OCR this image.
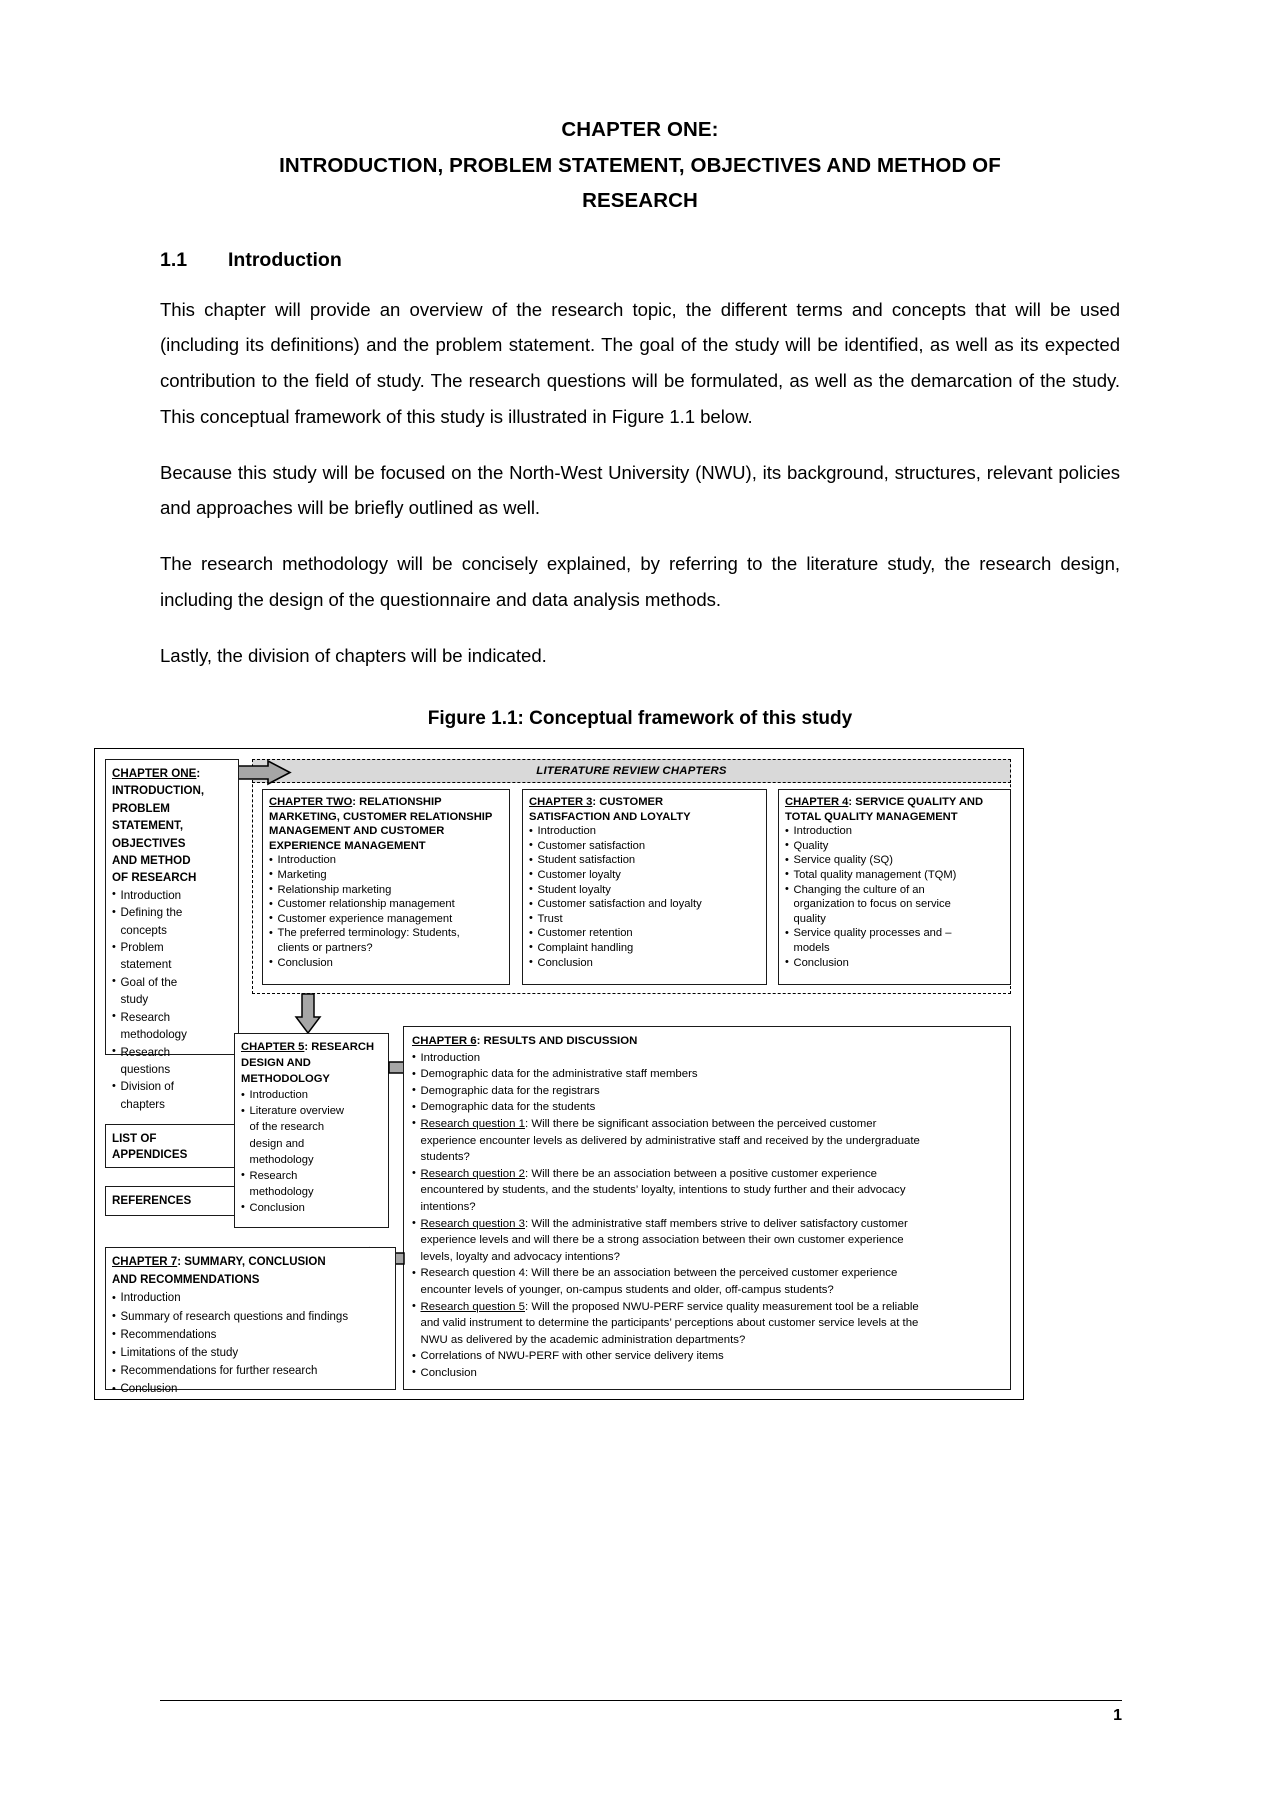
CHAPTER ONE:
INTRODUCTION, PROBLEM STATEMENT, OBJECTIVES AND METHOD OF
RESEARCH
1.1	Introduction

This chapter will provide an overview of the research topic, the different terms and concepts that will be used (including its definitions) and the problem statement. The goal of the study will be identified, as well as its expected contribution to the field of study. The research questions will be formulated, as well as the demarcation of the study. This conceptual framework of this study is illustrated in Figure 1.1 below.

Because this study will be focused on the North-West University (NWU), its background, structures, relevant policies and approaches will be briefly outlined as well.

The research methodology will be concisely explained, by referring to the literature study, the research design, including the design of the questionnaire and data analysis methods.

Lastly, the division of chapters will be indicated.

Figure 1.1: Conceptual framework of this study

LITERATURE REVIEW CHAPTERS
CHAPTER ONE:
INTRODUCTION,
PROBLEM
STATEMENT,
OBJECTIVES
AND METHOD
OF RESEARCH
• Introduction
• Defining the
concepts
• Problem
statement
• Goal of the
study
• Research
methodology
• Research
questions
• Division of
chapters
LIST OF
APPENDICES
REFERENCES
CHAPTER TWO: RELATIONSHIP
MARKETING, CUSTOMER RELATIONSHIP
MANAGEMENT AND CUSTOMER
EXPERIENCE MANAGEMENT
• Introduction
• Marketing
• Relationship marketing
• Customer relationship management
• Customer experience management
• The preferred terminology: Students,
clients or partners?
• Conclusion
CHAPTER 3: CUSTOMER
SATISFACTION AND LOYALTY
• Introduction
• Customer satisfaction
• Student satisfaction
• Customer loyalty
• Student loyalty
• Customer satisfaction and loyalty
• Trust
• Customer retention
• Complaint handling
• Conclusion
CHAPTER 4: SERVICE QUALITY AND
TOTAL QUALITY MANAGEMENT
• Introduction
• Quality
• Service quality (SQ)
• Total quality management (TQM)
• Changing the culture of an
organization to focus on service
quality
• Service quality processes and –
models
• Conclusion
CHAPTER 5: RESEARCH
DESIGN AND
METHODOLOGY
• Introduction
• Literature overview
of the research
design and
methodology
• Research
methodology
• Conclusion
CHAPTER 6: RESULTS AND DISCUSSION
• Introduction
• Demographic data for the administrative staff members
• Demographic data for the registrars
• Demographic data for the students
• Research question 1: Will there be significant association between the perceived customer
experience encounter levels as delivered by administrative staff and received by the undergraduate
students?
• Research question 2: Will there be an association between a positive customer experience
encountered by students, and the students’ loyalty, intentions to study further and their advocacy
intentions?
• Research question 3: Will the administrative staff members strive to deliver satisfactory customer
experience levels and will there be a strong association between their own customer experience
levels, loyalty and advocacy intentions?
• Research question 4: Will there be an association between the perceived customer experience
encounter levels of younger, on-campus students and older, off-campus students?
• Research question 5: Will the proposed NWU-PERF service quality measurement tool be a reliable
and valid instrument to determine the participants’ perceptions about customer service levels at the
NWU as delivered by the academic administration departments?
• Correlations of NWU-PERF with other service delivery items
• Conclusion
CHAPTER 7: SUMMARY, CONCLUSION
AND RECOMMENDATIONS
• Introduction
• Summary of research questions and findings
• Recommendations
• Limitations of the study
• Recommendations for further research
• Conclusion
1
